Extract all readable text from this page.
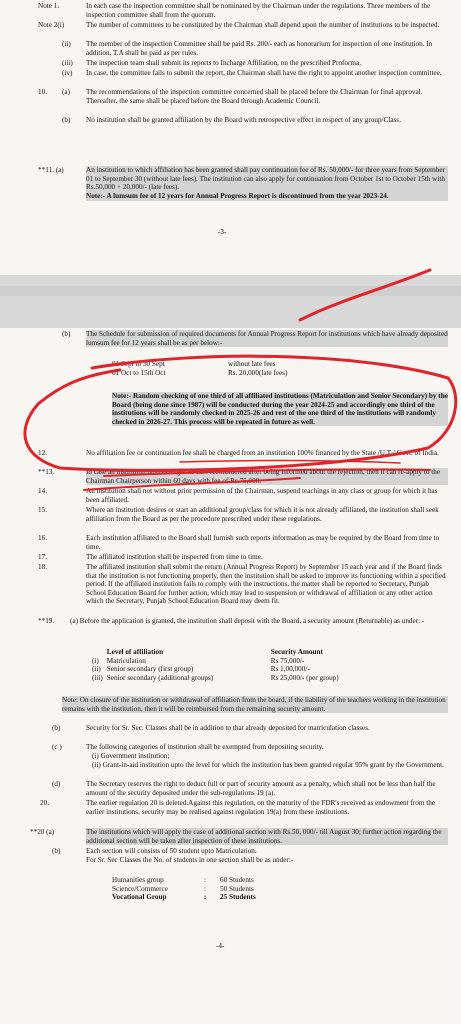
Note 1.	In each case the inspection committee shall be nominated by the Chairman under the regulations. Three members of the inspection committee shall from the quorum.
Note 2(i)	The number of committees to be constituted by the Chairman shall depend upon the number of institutions to be inspected.
(ii)	The member of the inspection Committee shall be paid Rs. 200/- each as honorarium for inspection of one institution. In addition, T.A shall be paid as per rules.
(iii)	The inspection team shall submit its reports to Incharge Affiliation, on the prescribed Proforma.
(iv)	In case, the committee fails to submit the report, the Chairman shall have the right to appoint another inspection committee.
10.	(a)	The recommendations of the inspection committee concerned shall be placed before the Chairman for final approval. Thereafter, the same shall be placed before the Board through Academic Council.
(b)	No institution shall be granted affiliation by the Board with retrospective effect in respect of any group/Class.
**11. (a)	An institution to which affiliation has been granted shall pay continuation fee of Rs. 50,000/- for three years from September 01 to September 30 (without late fees). The institution can also apply for continuation from October 1st to October 15th with Rs.50,000 + 20,000/- (late fees).
Note:- A lumsum fee of 12 years for Annual Progress Report is discontinued from the year 2023-24.
-3-
(b)	The Schedule for submission of required documents for Annual Progress Report for institutions which have already deposited lumsum fee for 12 years shall be as per below:-
01 Sept to 30 Sept	without late fees
01 Oct to 15th Oct	Rs. 20,000(late fees)
Note:- Random checking of one third of all affiliated institutions (Matriculation and Senior Secondary) by the Board (being done since 1987) will be conducted during the year 2024-25 and accordingly one third of the institutions will be randomly checked in 2025-26 and rest of the one third of the institutions will randomly checked in 2026-27. This process will be repeated in future as well.
12.	No affiliation fee or continuation fee shall be charged from an institution 100% financed by the State /U.T / Govt. of India.
**13.	In case an institution desires to get its case reconsidered after being informed about the rejection, then it can re-apply to the Chairman Chairperson within 60 days with fee of Rs.75,000.
14.	An institution shall not without prior permission of the Chairman, suspend teachings in any class or group for which it has been affiliated.
15.	Where an institution desires or start an additional group/class for which it is not already affiliated, the institution shall seek affiliation from the Board as per the procedure prescribed under these regulations.
16.	Each institution affiliated to the Board shall furnish such reports information as may be required by the Board from time to time.
17.	The affiliated institution shall be inspected from time to time.
18.	The affiliated institution shall submit the return (Annual Progress Report) by September 15 each year and if the Board finds that the institution is not functioning properly, then the institution shall be asked to improve its functioning within a specified period. If the affiliated institution fails to comply with the instructions, the matter shall be reported to Secretary, Punjab School Education Board for further action, which may lead to suspension or withdrawal of affiliation or any other action which the Secretary, Punjab School Education Board may deem fit.
**19.	(a) Before the application is granted, the institution shall deposit with the Board, a security amount (Returnable) as under: -
	Level of affiliation	Security Amount
(i)	Matriculation	Rs 75,000/-
(ii)	Senior secondary (first group)	Rs 1,00,000/-
(iii)	Senior secondary (additional groups)	Rs 25,000/- (per group)
Note: On closure of the institution or withdrawal of affiliation from the board, if the liability of the teachers working in the institution remains with the institution, then it will be reimbursed from the remaining security amount.
(b)	Security for Sr. Sec. Classes shall be in addition to that already deposited for matriculation classes.
(c )	The following categories of institution shall be exempted from depositing security.
(i) Government institution;
(ii) Grant-in-aid institution upto the level for which the institution has been granted regular 95% grant by the Government.
(d)	The Secretary reserves the right to deduct full or part of security amount as a penalty, which shall not be less than half the amount of the security deposited under the sub-regulations 19 (a).
20.	The earlier regulation 20 is deleted.Against this regulation, on the maturity of the FDR's received as endowment from the earlier institutions, security may be realised against regulation 19(a) from these institutions.
**20 (a)	The institutions which will apply the case of additional section with Rs.50, 000/- till August 30; further action regarding the additional section will be taken after inspection of these institutions.
(b)	Each section will consists of 50 student upto Matriculation.
For Sr. Sec Classes the No. of students in one section shall be as under:-
Humanities group	:	60 Students
Science/Commerce	:	50 Students
Vocational Group	:	25 Students
-4-
